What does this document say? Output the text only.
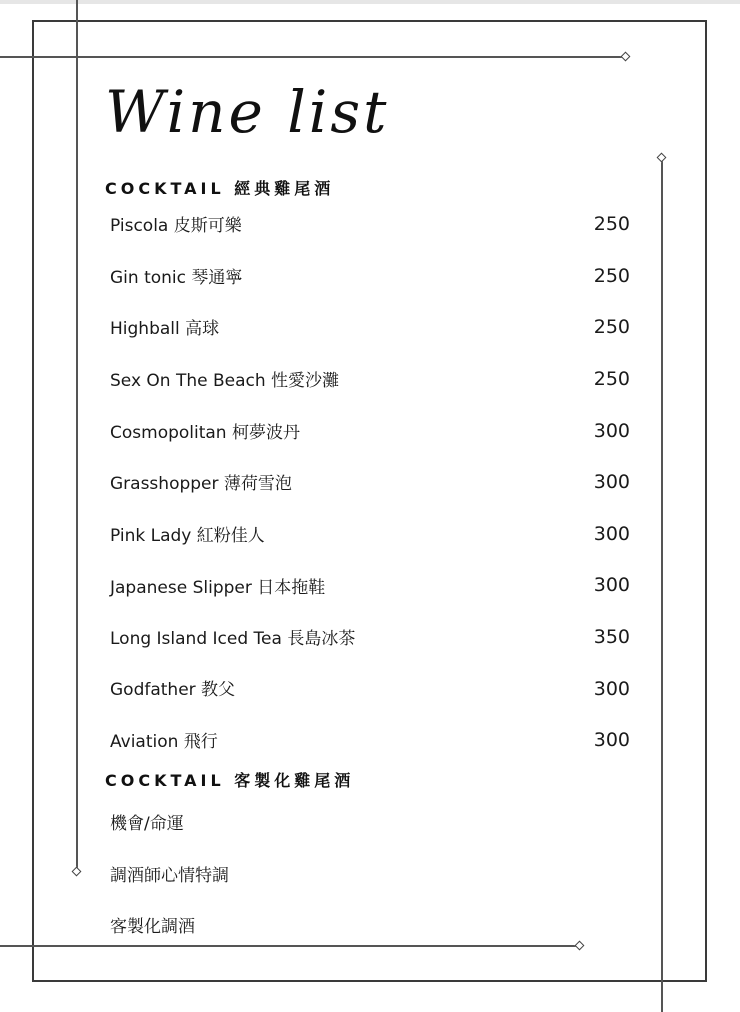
Wine list
COCKTAIL 經典雞尾酒
Piscola 皮斯可樂	250
Gin tonic 琴通寧	250
Highball 高球	250
Sex On The Beach 性愛沙灘	250
Cosmopolitan 柯夢波丹	300
Grasshopper 薄荷雪泡	300
Pink Lady 紅粉佳人	300
Japanese Slipper 日本拖鞋	300
Long Island Iced Tea 長島冰茶	350
Godfather 教父	300
Aviation 飛行	300
COCKTAIL 客製化雞尾酒
機會/命運
調酒師心情特調
客製化調酒
